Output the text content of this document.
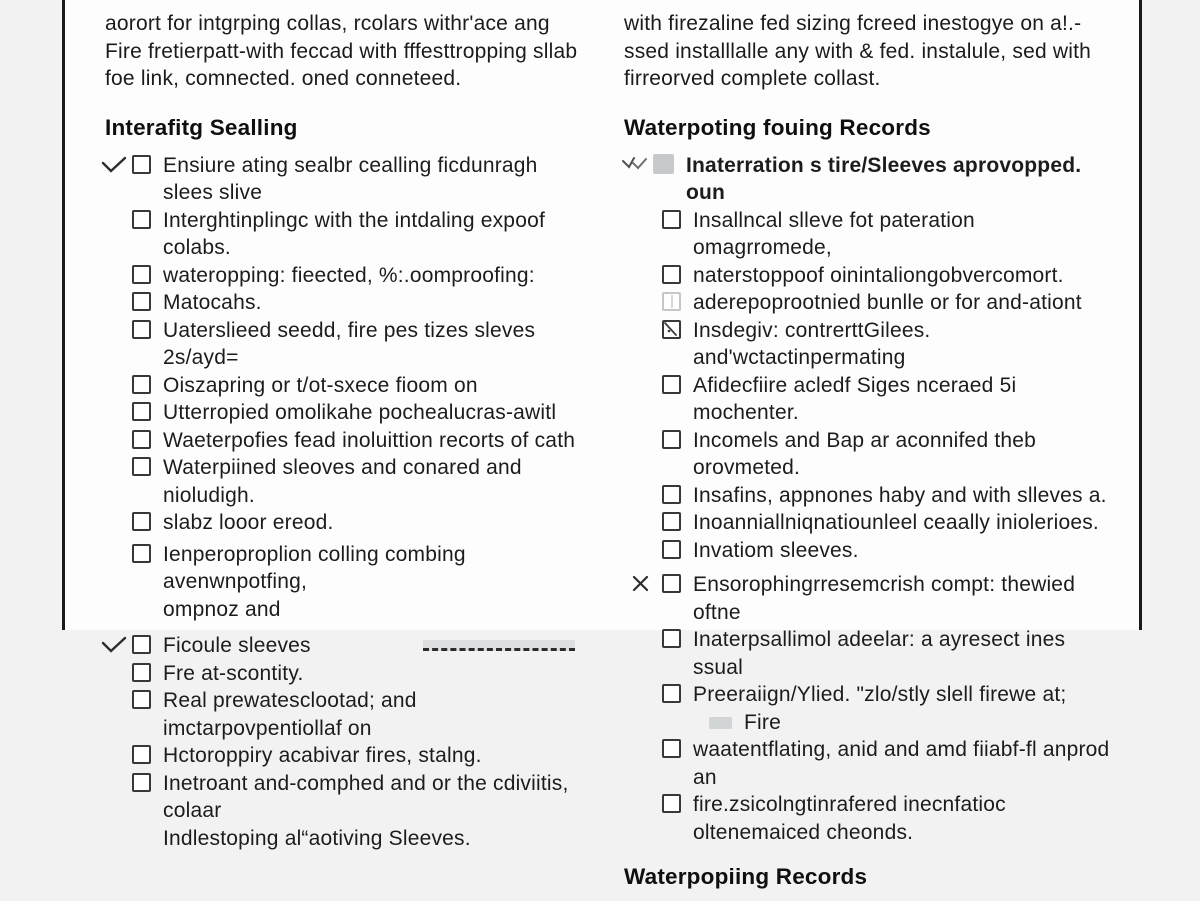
aorort for intgrping collas, rcolars withr'ace ang Fire fretierpatt-with feccad with fffesttropping sllab foe link, comnected. oned conneteed.

Interafitg Sealling
Ensiure ating sealbr cealling ficdunragh slees slive
Interghtinplingc with the intdaling expoof colabs.
wateropping: fieected, %:.oomproofing:
Matocahs.
Uaterslieed seedd, fire pes tizes sleves 2s/ayd=
Oiszapring or t/ot-sxece fioom on
Utterropied omolikahe pochealucras-awitl
Waeterpofies fead inoluittion recorts of cath
Waterpiined sleoves and conared and nioludigh.
slabz looor ereod.
Ienperoproplion colling combing avenwnpotfing,
ompnoz and
Ficoule sleeves
Fre at-scontity.
Real prewatesclootad; and imctarpovpentiollaf on
Hctoroppiry acabivar fires, stalng.
Inetroant and-comphed and or the cdiviitis, colaar
Indlestoping al“aotiving Sleeves.

with firezaline fed sizing fcreed inestogye on a!.-ssed installlalle any with & fed. instalule, sed with firreorved complete collast.

Waterpoting fouing Records
Inaterration s tire/Sleeves aprovopped. oun
Insallncal slleve fot pateration omagrromede,
naterstoppoof oinintaliongobvercomort.
aderepoprootnied bunlle or for and-ationt
Insdegiv: contrerttGilees. and'wctactinpermating
Afidecfiire acledf Siges nceraed 5i mochenter.
Incomels and Bap ar aconnifed theb orovmeted.
Insafins, appnones haby and with slleves a.
Inoanniallniqnatiounleel ceaally iniolerioes.
Invatiom sleeves.
Ensorophingrresemcrish compt: thewied oftne
Inaterpsallimol adeelar: a ayresect ines ssual
Preeraiign/Ylied. "zlo/stly slell firewe at;Fire
waatentflating, anid and amd fiiabf-fl anprod an
fire.zsicolngtinrafered inecnfatioc
oltenemaiced cheonds.
Waterpopiing Records
